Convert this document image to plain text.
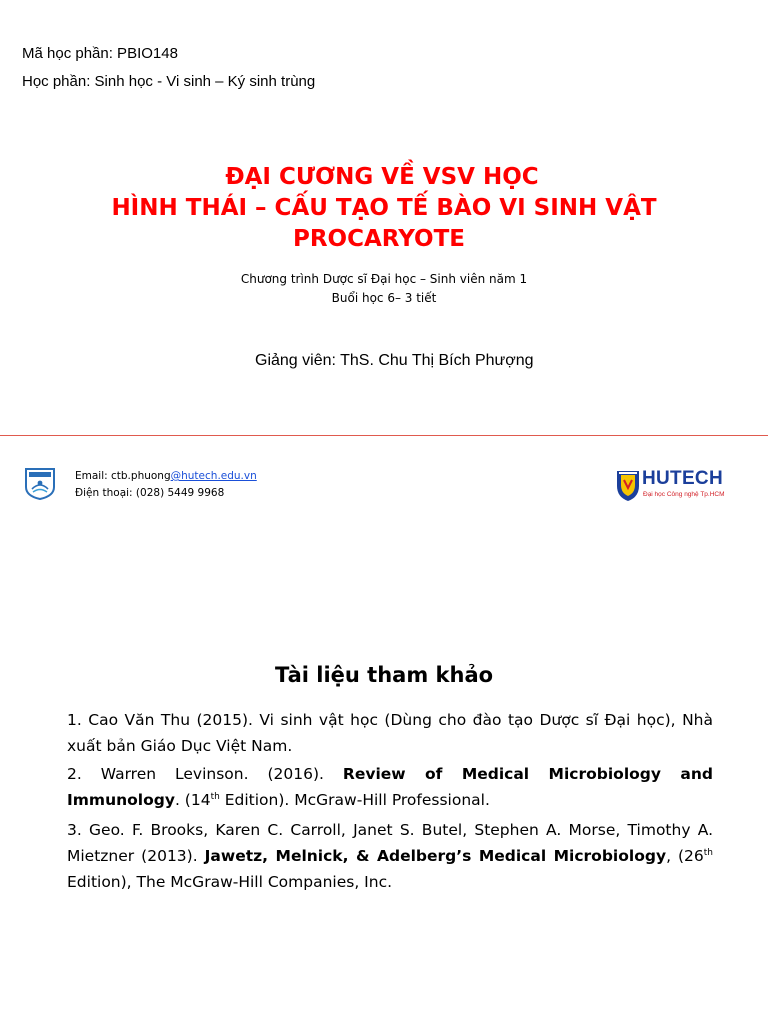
Mã học phần: PBIO148
Học phần: Sinh học - Vi sinh – Ký sinh trùng
ĐẠI CƯƠNG VỀ VSV HỌC
HÌNH THÁI – CẤU TẠO TẾ BÀO VI SINH VẬT
PROCARYOTE
Chương trình Dược sĩ Đại học – Sinh viên năm 1
Buổi học 6– 3 tiết
Giảng viên: ThS. Chu Thị Bích Phượng
Email: ctb.phuong@hutech.edu.vn
Điện thoại: (028) 5449 9968
HUTECH
Đại học Công nghệ Tp.HCM
Tài liệu tham khảo
1. Cao Văn Thu (2015). Vi sinh vật học (Dùng cho đào tạo Dược sĩ Đại học), Nhà xuất bản Giáo Dục Việt Nam.
2. Warren Levinson. (2016). Review of Medical Microbiology and Immunology. (14th Edition). McGraw-Hill Professional.
3. Geo. F. Brooks, Karen C. Carroll, Janet S. Butel, Stephen A. Morse, Timothy A. Mietzner (2013). Jawetz, Melnick, & Adelberg’s Medical Microbiology, (26th Edition), The McGraw-Hill Companies, Inc.
